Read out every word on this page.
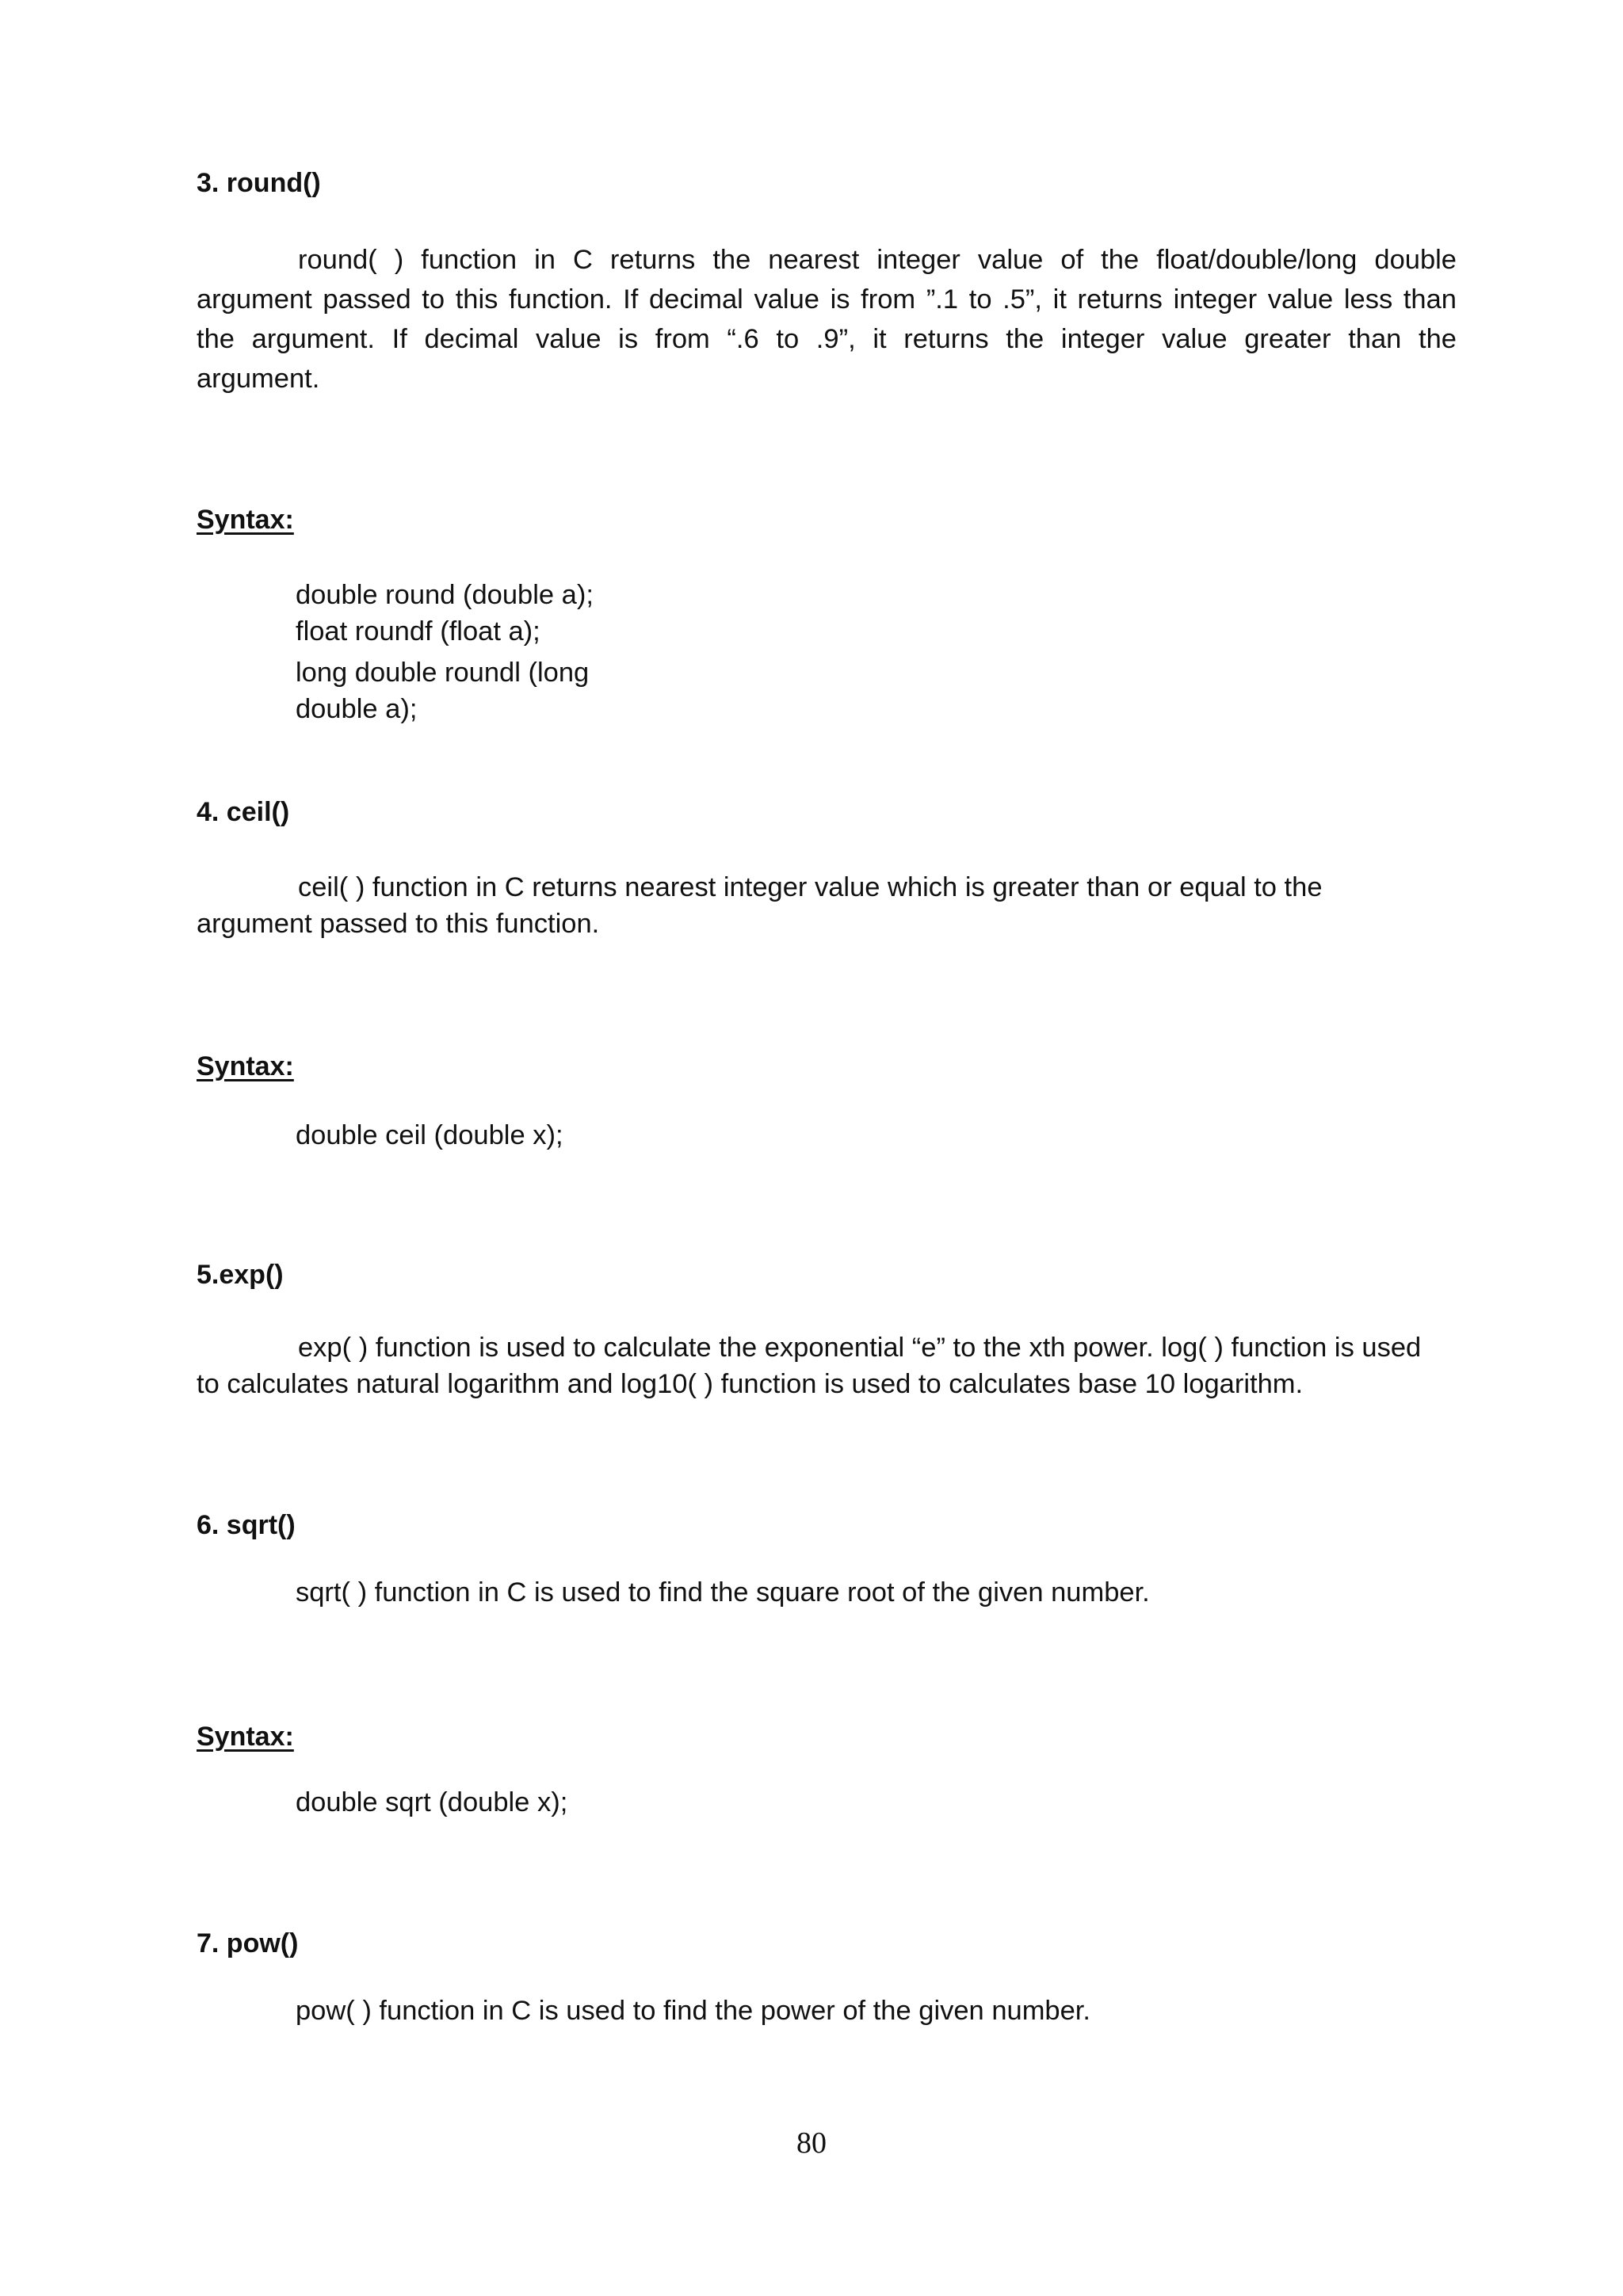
3. round()
round( ) function in C returns the nearest integer value of the float/double/long double
argument passed to this function. If decimal value is from ”.1 to .5”, it returns integer value less than
the argument. If decimal value is from “.6 to .9”, it returns the integer value greater than the
argument.
Syntax:
double round (double a);
float roundf (float a);
long double roundl (long
double a);
4. ceil()
ceil( ) function in C returns nearest integer value which is greater than or equal to the
argument passed to this function.
Syntax:
double ceil (double x);
5.exp()
exp( ) function is used to calculate the exponential “e” to the xth power. log( ) function is used
to calculates natural logarithm and log10( ) function is used to calculates base 10 logarithm.
6. sqrt()
sqrt( ) function in C is used to find the square root of the given number.
Syntax:
double sqrt (double x);
7. pow()
pow( ) function in C is used to find the power of the given number.
80
